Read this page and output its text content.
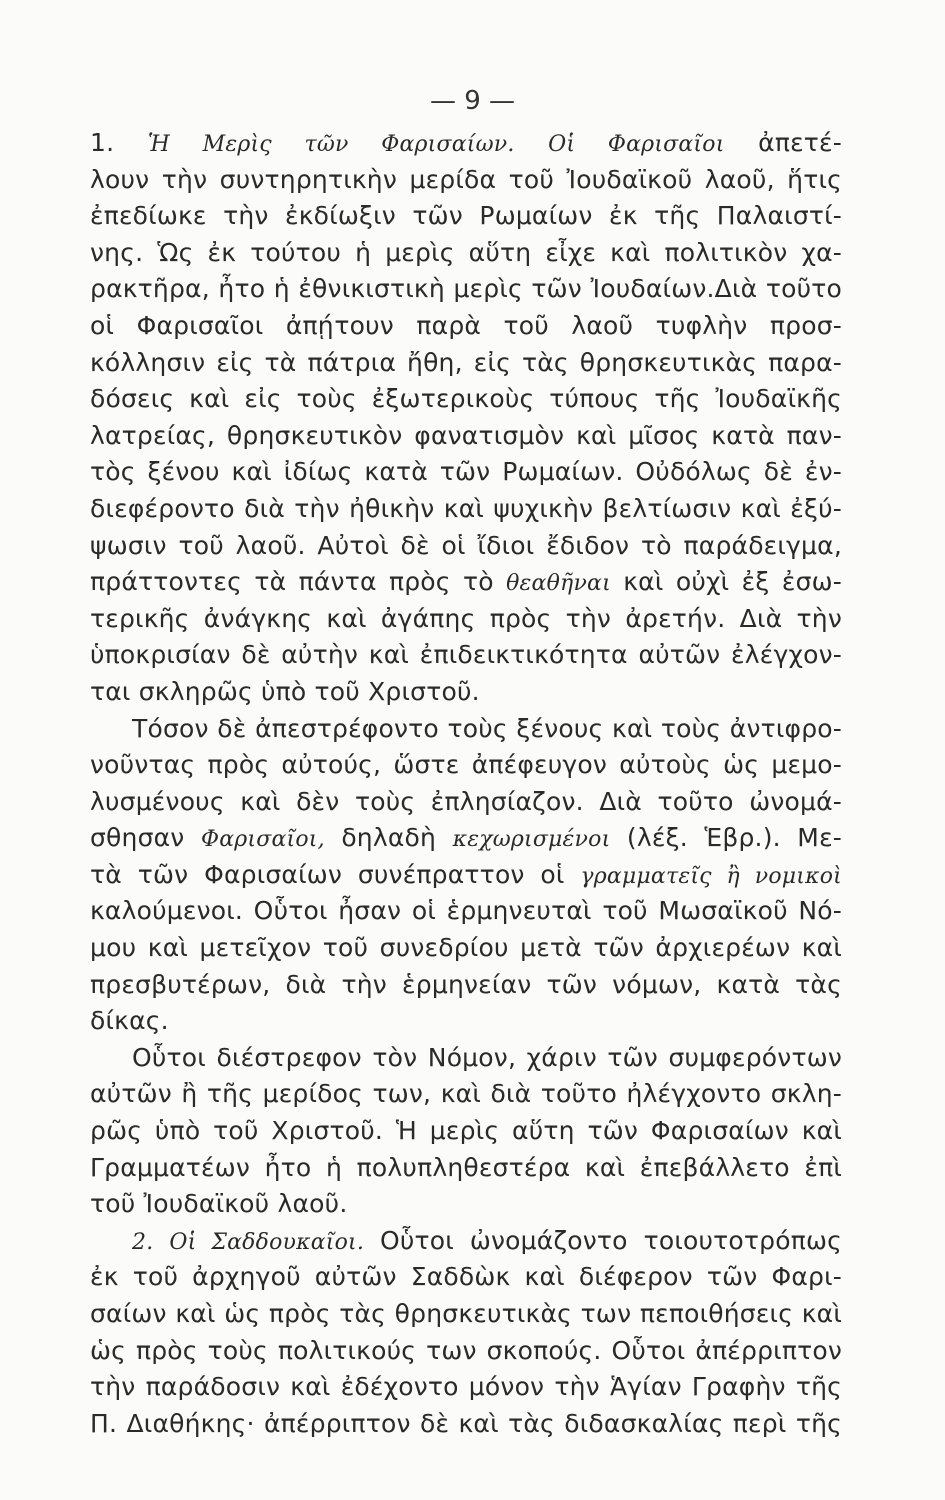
— 9 —
1. Ἡ Μερὶς τῶν Φαρισαίων. Οἱ Φαρισαῖοι ἀπετέ-
λουν τὴν συντηρητικὴν μερίδα τοῦ Ἰουδαϊκοῦ λαοῦ, ἥτις
ἐπεδίωκε τὴν ἐκδίωξιν τῶν Ρωμαίων ἐκ τῆς Παλαιστί-
νης. Ὡς ἐκ τούτου ἡ μερὶς αὕτη εἶχε καὶ πολιτικὸν χα-
ρακτῆρα, ἦτο ἡ ἐθνικιστικὴ μερὶς τῶν Ἰουδαίων.Διὰ τοῦτο
οἱ Φαρισαῖοι ἀπῄτουν παρὰ τοῦ λαοῦ τυφλὴν προσ-
κόλλησιν εἰς τὰ πάτρια ἤθη, εἰς τὰς θρησκευτικὰς παρα-
δόσεις καὶ εἰς τοὺς ἐξωτερικοὺς τύπους τῆς Ἰουδαϊκῆς
λατρείας, θρησκευτικὸν φανατισμὸν καὶ μῖσος κατὰ παν-
τὸς ξένου καὶ ἰδίως κατὰ τῶν Ρωμαίων. Οὐδόλως δὲ ἐν-
διεφέροντο διὰ τὴν ἠθικὴν καὶ ψυχικὴν βελτίωσιν καὶ ἐξύ-
ψωσιν τοῦ λαοῦ. Αὐτοὶ δὲ οἱ ἴδιοι ἔδιδον τὸ παράδειγμα,
πράττοντες τὰ πάντα πρὸς τὸ θεαθῆναι καὶ οὐχὶ ἐξ ἐσω-
τερικῆς ἀνάγκης καὶ ἀγάπης πρὸς τὴν ἀρετήν. Διὰ τὴν
ὑποκρισίαν δὲ αὐτὴν καὶ ἐπιδεικτικότητα αὐτῶν ἐλέγχον-
ται σκληρῶς ὑπὸ τοῦ Χριστοῦ.
Τόσον δὲ ἀπεστρέφοντο τοὺς ξένους καὶ τοὺς ἀντιφρο-
νοῦντας πρὸς αὐτούς, ὥστε ἀπέφευγον αὐτοὺς ὡς μεμο-
λυσμένους καὶ δὲν τοὺς ἐπλησίαζον. Διὰ τοῦτο ὠνομά-
σθησαν Φαρισαῖοι, δηλαδὴ κεχωρισμένοι (λέξ. Ἑβρ.). Με-
τὰ τῶν Φαρισαίων συνέπραττον οἱ γραμματεῖς ἢ νομικοὶ
καλούμενοι. Οὗτοι ἦσαν οἱ ἑρμηνευταὶ τοῦ Μωσαϊκοῦ Νό-
μου καὶ μετεῖχον τοῦ συνεδρίου μετὰ τῶν ἀρχιερέων καὶ
πρεσβυτέρων, διὰ τὴν ἑρμηνείαν τῶν νόμων, κατὰ τὰς
δίκας.
Οὗτοι διέστρεφον τὸν Νόμον, χάριν τῶν συμφερόντων
αὐτῶν ἢ τῆς μερίδος των, καὶ διὰ τοῦτο ἠλέγχοντο σκλη-
ρῶς ὑπὸ τοῦ Χριστοῦ. Ἡ μερὶς αὕτη τῶν Φαρισαίων καὶ
Γραμματέων ἦτο ἡ πολυπληθεστέρα καὶ ἐπεβάλλετο ἐπὶ
τοῦ Ἰουδαϊκοῦ λαοῦ.
2. Οἱ Σαδδουκαῖοι. Οὗτοι ὠνομάζοντο τοιουτοτρόπως
ἐκ τοῦ ἀρχηγοῦ αὐτῶν Σαδδὼκ καὶ διέφερον τῶν Φαρι-
σαίων καὶ ὡς πρὸς τὰς θρησκευτικὰς των πεποιθήσεις καὶ
ὡς πρὸς τοὺς πολιτικούς των σκοπούς. Οὗτοι ἀπέρριπτον
τὴν παράδοσιν καὶ ἐδέχοντο μόνον τὴν Ἁγίαν Γραφὴν τῆς
Π. Διαθήκης· ἀπέρριπτον δὲ καὶ τὰς διδασκαλίας περὶ τῆς
